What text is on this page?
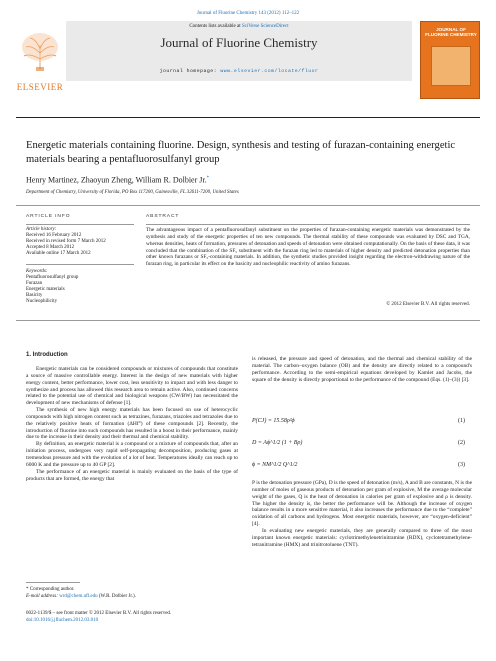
Journal of Fluorine Chemistry 143 (2012) 112–122
Contents lists available at SciVerse ScienceDirect
Journal of Fluorine Chemistry
journal homepage: www.elsevier.com/locate/fluor
ELSEVIER
JOURNAL OF FLUORINE CHEMISTRY
Energetic materials containing fluorine. Design, synthesis and testing of furazan-containing energetic materials bearing a pentafluorosulfanyl group
Henry Martinez, Zhaoyun Zheng, William R. Dolbier Jr.*
Department of Chemistry, University of Florida, PO Box 117200, Gainesville, FL 32611-7200, United States
ARTICLE INFO
Article history:
Received 16 February 2012
Received in revised form 7 March 2012
Accepted 8 March 2012
Available online 17 March 2012
Keywords:
Pentafluorosulfanyl group
Furazan
Energetic materials
Basicity
Nucleophilicity
ABSTRACT
The advantageous impact of a pentafluorosulfanyl substituent on the properties of furazan-containing energetic materials was demonstrated by the synthesis and study of the energetic properties of ten new compounds. The thermal stability of these compounds was evaluated by DSC and TGA, whereas densities, heats of formation, pressures of detonation and speeds of detonation were obtained computationally. On the basis of these data, it was concluded that the combination of the SF₅ substituent with the furazan ring led to materials of higher density and predicted detonation properties than other known furazans or SF₅-containing materials. In addition, the synthetic studies provided insight regarding the electron-withdrawing nature of the furazan ring, in particular its effect on the basicity and nucleophilic reactivity of amino furazans.
© 2012 Elsevier B.V. All rights reserved.
1. Introduction

Energetic materials can be considered compounds or mixtures of compounds that constitute a source of massive controllable energy. Interest in the design of new materials with higher energy content, better performance, lower cost, less sensitivity to impact and with less danger to synthesize and process has allowed this research area to remain active. Also, continued concerns related to the potential use of chemical and biological weapons (CW/BW) has necessitated the development of new mechanisms of defense [1].

The synthesis of new high energy materials has been focused on use of heterocyclic compounds with high nitrogen content such as tetrazines, furazans, triazoles and tetrazoles due to the relatively positive heats of formation (ΔHf°) of these compounds [2]. Recently, the introduction of fluorine into such compounds has resulted in a boost in their performance, mainly due to the increase in their density and their thermal and chemical stability.

By definition, an energetic material is a compound or a mixture of compounds that, after an initiation process, undergoes very rapid self-propagating decomposition, producing gases at tremendous pressure and with the evolution of a lot of heat. Temperatures ideally can reach up to 6000 K and the pressure up to 40 GP [2].

The performance of an energetic material is mainly evaluated on the basis of the type of products that are formed, the energy that

is released, the pressure and speed of detonation, and the thermal and chemical stability of the material. The carbon–oxygen balance (OB) and the density are directly related to a compound's performance. According to the semi-empirical equations developed by Kamlet and Jacobs, the square of the density is directly proportional to the performance of the compound (Eqs. (1)–(3)) [3].
P(CJ) = 15.58ρ²ϕ	(1)
D = Aϕ^1/2 (1 + Bρ)	(2)
ϕ = NM^1/2 Q^1/2	(3)

P is the detonation pressure (GPa), D is the speed of detonation (m/s), A and B are constants, N is the number of moles of gaseous products of detonation per gram of explosive, M the average molecular weight of the gases, Q is the heat of detonation in calories per gram of explosive and ρ is density. The higher the density is, the better the performance will be. Although the increase of oxygen balance results in a more sensitive material, it also increases the performance due to the “complete” oxidation of all carbons and hydrogens. Most energetic materials, however, are “oxygen-deficient” [4].

In evaluating new energetic materials, they are generally compared to three of the most important known energetic materials: cyclotrimethylenetrinitramine (RDX), cyclotetramethylene-tetranitramine (HMX) and trinitrotoluene (TNT).

* Corresponding author.
E-mail address: wrd@chem.ufl.edu (W.R. Dolbier Jr.).
0022-1139/$ – see front matter © 2012 Elsevier B.V. All rights reserved.
doi:10.1016/j.jfluchem.2012.03.010
